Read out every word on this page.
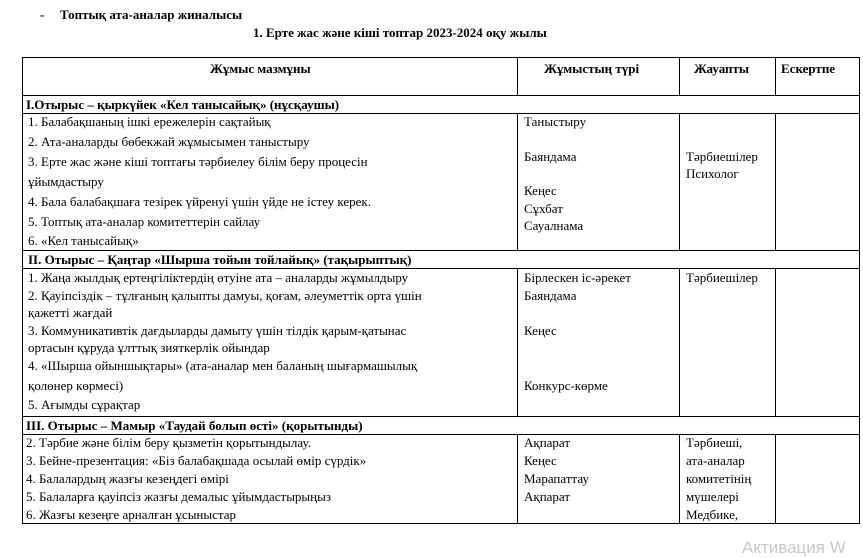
- Топтық ата-аналар жиналысы
1. Ерте жас және кіші топтар 2023-2024 оқу жылы
Жұмыс мазмұны	Жұмыстың түрі	Жауапты Ескертпе
I.Отырыс – қыркүйек «Кел танысайық» (нұсқаушы)
1. Балабақшаның ішкі ережелерін сақтайық
2. Ата-аналарды бөбекжай жұмысымен таныстыру
3. Ерте жас және кіші топтағы тәрбиелеу білім беру процесін
ұйымдастыру
4. Бала балабақшаға тезірек үйренуі үшін үйде не істеу керек.
5. Топтық ата-аналар комитеттерін сайлау
6. «Кел танысайық»
Таныстыру
Баяндама
Кеңес
Сұхбат
Сауалнама
Тәрбиешілер
Психолог
II. Отырыс – Қаңтар «Шырша тойын тойлайық» (тақырыптық)
1. Жаңа жылдық ертеңгіліктердің өтуіне ата – аналарды жұмылдыру
2. Қауіпсіздік – тұлғаның қалыпты дамуы, қоғам, әлеуметтік орта үшін
қажетті жағдай
3. Коммуникативтік дағдыларды дамыту үшін тілдік қарым-қатынас
ортасын құруда ұлттық зияткерлік ойындар
4. «Шырша ойыншықтары» (ата-аналар мен баланың шығармашылық
қолөнер көрмесі)
5. Ағымды сұрақтар
Бірлескен іс-әрекет
Баяндама
Кеңес
Конкурс-көрме
Тәрбиешілер
III. Отырыс – Мамыр «Таудай болып өсті» (қорытынды)
2. Тәрбие және білім беру қызметін қорытындылау.
3. Бейне-презентация: «Біз балабақшада осылай өмір сүрдік»
4. Балалардың жазғы кезеңдегі өмірі
5. Балаларға қауіпсіз жазғы демалыс ұйымдастырыңыз
6. Жазғы кезеңге арналған ұсыныстар
Ақпарат
Кеңес
Марапаттау
Ақпарат
Тәрбиеші,
ата-аналар
комитетінің
мүшелері
Медбике,
Активация W
